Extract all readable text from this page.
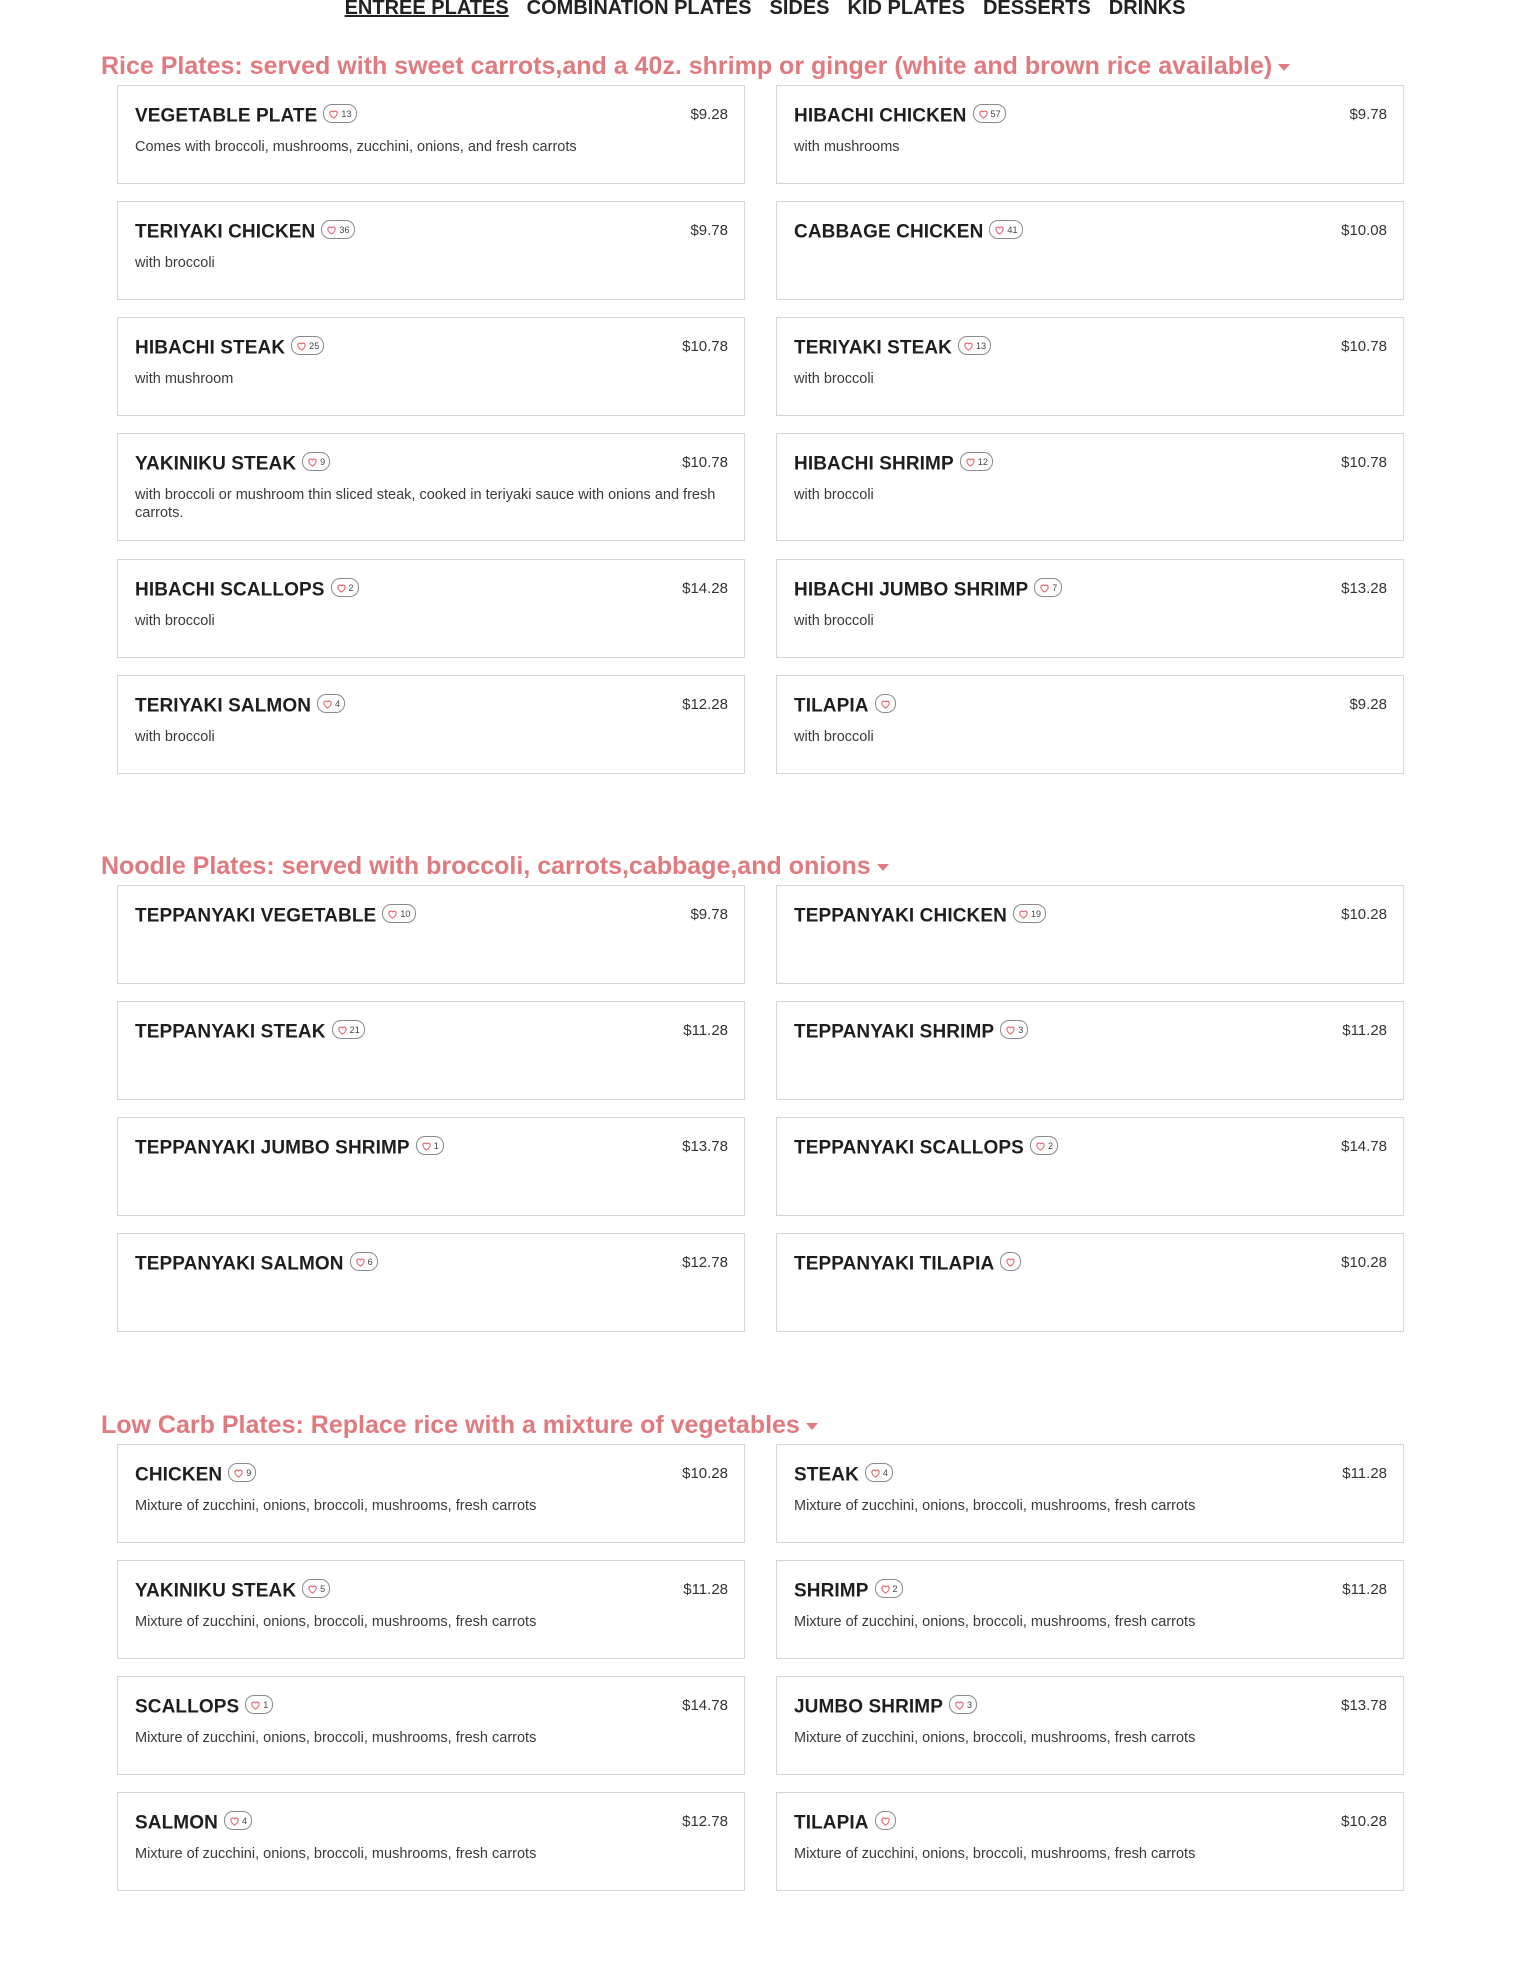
ENTREE PLATES COMBINATION PLATES SIDES KID PLATES DESSERTS DRINKS
Rice Plates: served with sweet carrots,and a 40z. shrimp or ginger (white and brown rice available)
VEGETABLE PLATE	13	$9.28
Comes with broccoli, mushrooms, zucchini, onions, and fresh carrots
HIBACHI CHICKEN	57	$9.78
with mushrooms
TERIYAKI CHICKEN	36	$9.78
with broccoli
CABBAGE CHICKEN	41	$10.08
HIBACHI STEAK	25	$10.78
with mushroom
TERIYAKI STEAK	13	$10.78
with broccoli
YAKINIKU STEAK	9	$10.78
with broccoli or mushroom thin sliced steak, cooked in teriyaki sauce with onions and fresh carrots.
HIBACHI SHRIMP	12	$10.78
with broccoli
HIBACHI SCALLOPS	2	$14.28
with broccoli
HIBACHI JUMBO SHRIMP	7	$13.28
with broccoli
TERIYAKI SALMON	4	$12.28
with broccoli
TILAPIA	$9.28
with broccoli
Noodle Plates: served with broccoli, carrots,cabbage,and onions
TEPPANYAKI VEGETABLE	10	$9.78	TEPPANYAKI CHICKEN	19	$10.28
TEPPANYAKI STEAK	21	$11.28	TEPPANYAKI SHRIMP	3	$11.28
TEPPANYAKI JUMBO SHRIMP	1	$13.78	TEPPANYAKI SCALLOPS	2	$14.78
TEPPANYAKI SALMON	6	$12.78	TEPPANYAKI TILAPIA	$10.28
Low Carb Plates: Replace rice with a mixture of vegetables
CHICKEN	9	$10.28
Mixture of zucchini, onions, broccoli, mushrooms, fresh carrots
STEAK	4	$11.28
Mixture of zucchini, onions, broccoli, mushrooms, fresh carrots
YAKINIKU STEAK	5	$11.28
Mixture of zucchini, onions, broccoli, mushrooms, fresh carrots
SHRIMP	2	$11.28
Mixture of zucchini, onions, broccoli, mushrooms, fresh carrots
SCALLOPS	1	$14.78
Mixture of zucchini, onions, broccoli, mushrooms, fresh carrots
JUMBO SHRIMP	3	$13.78
Mixture of zucchini, onions, broccoli, mushrooms, fresh carrots
SALMON	4	$12.78
Mixture of zucchini, onions, broccoli, mushrooms, fresh carrots
TILAPIA	$10.28
Mixture of zucchini, onions, broccoli, mushrooms, fresh carrots
